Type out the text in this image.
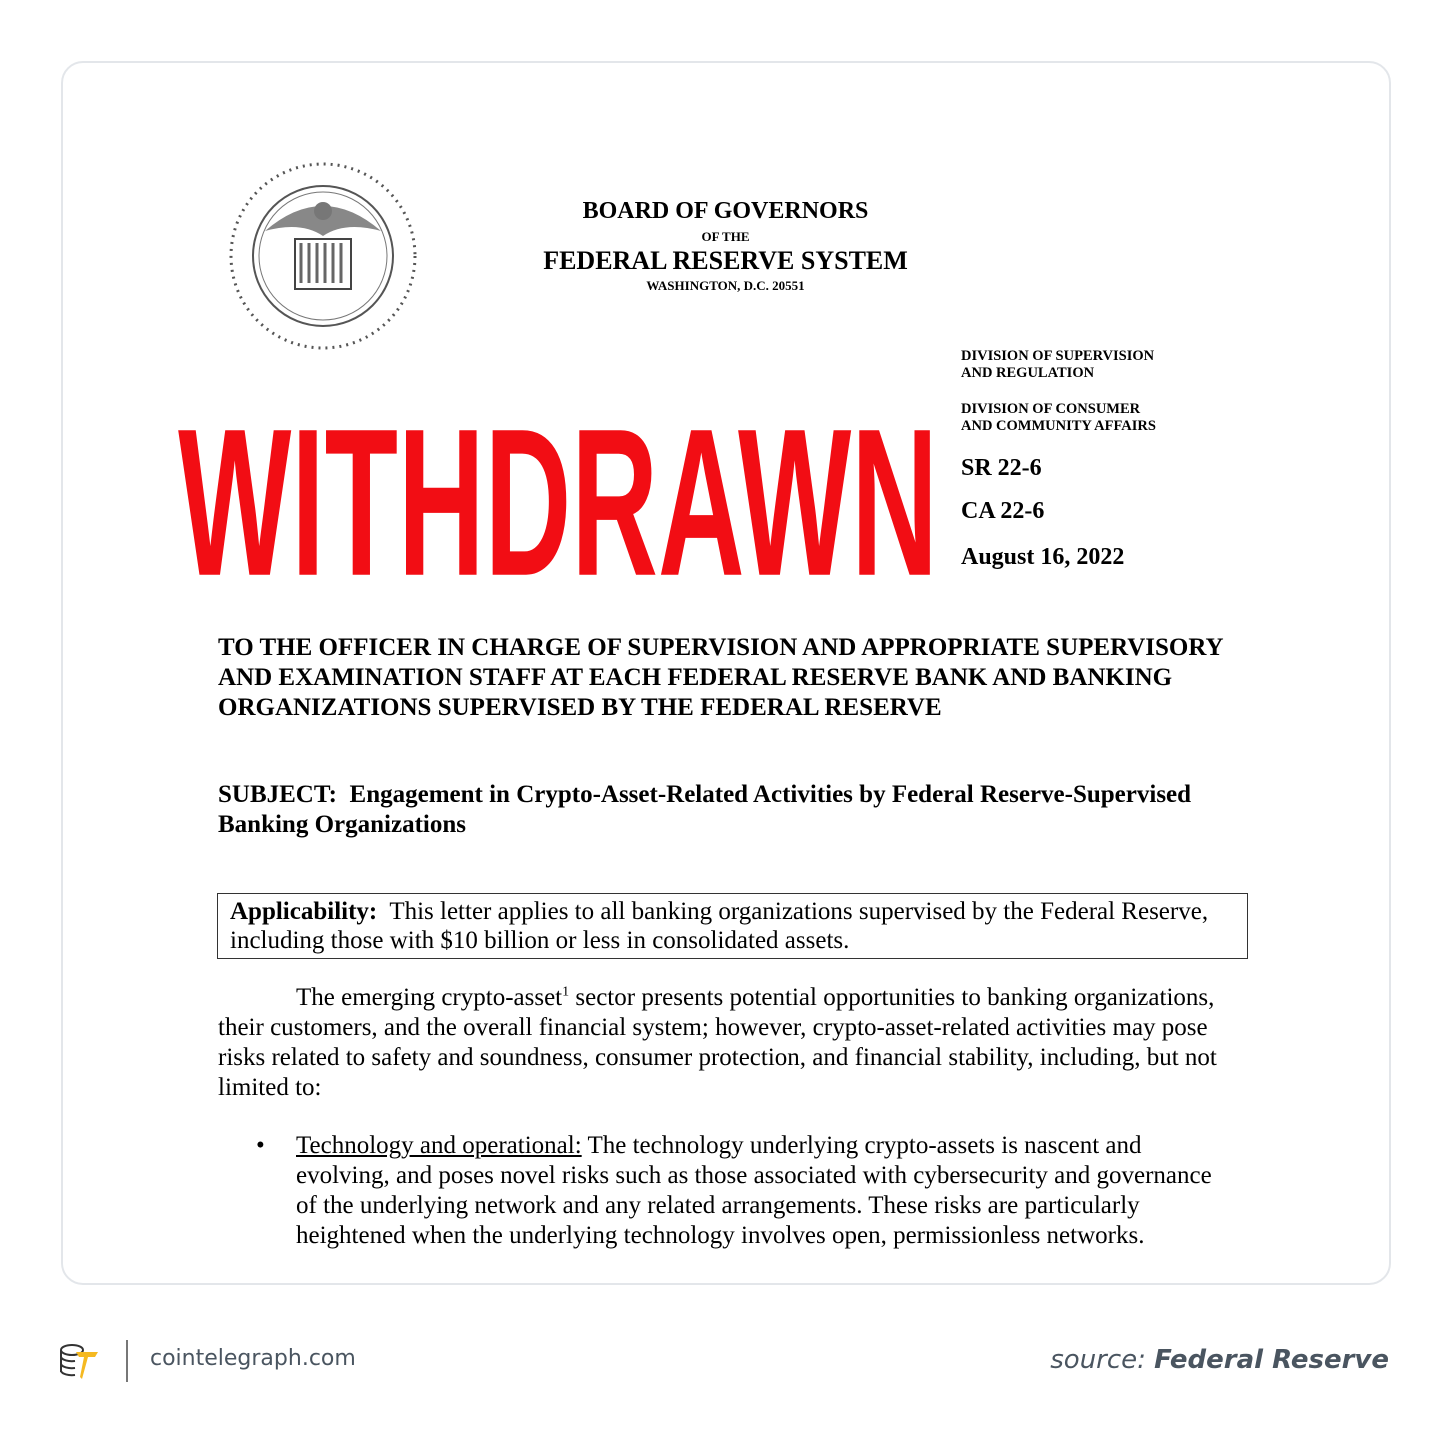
BOARD OF GOVERNORS
OF THE
FEDERAL RESERVE SYSTEM
WASHINGTON, D.C. 20551
DIVISION OF SUPERVISION
AND REGULATION
DIVISION OF CONSUMER
AND COMMUNITY AFFAIRS
SR 22-6
CA 22-6
August 16, 2022
WITHDRAWN
TO THE OFFICER IN CHARGE OF SUPERVISION AND APPROPRIATE SUPERVISORY AND EXAMINATION STAFF AT EACH FEDERAL RESERVE BANK AND BANKING ORGANIZATIONS SUPERVISED BY THE FEDERAL RESERVE
SUBJECT: Engagement in Crypto-Asset-Related Activities by Federal Reserve-Supervised Banking Organizations
Applicability: This letter applies to all banking organizations supervised by the Federal Reserve, including those with $10 billion or less in consolidated assets.
The emerging crypto-asset$^1$ sector presents potential opportunities to banking organizations, their customers, and the overall financial system; however, crypto-asset-related activities may pose risks related to safety and soundness, consumer protection, and financial stability, including, but not limited to:
• Technology and operational: The technology underlying crypto-assets is nascent and evolving, and poses novel risks such as those associated with cybersecurity and governance of the underlying network and any related arrangements. These risks are particularly heightened when the underlying technology involves open, permissionless networks.
cointelegraph.com	source: Federal Reserve
